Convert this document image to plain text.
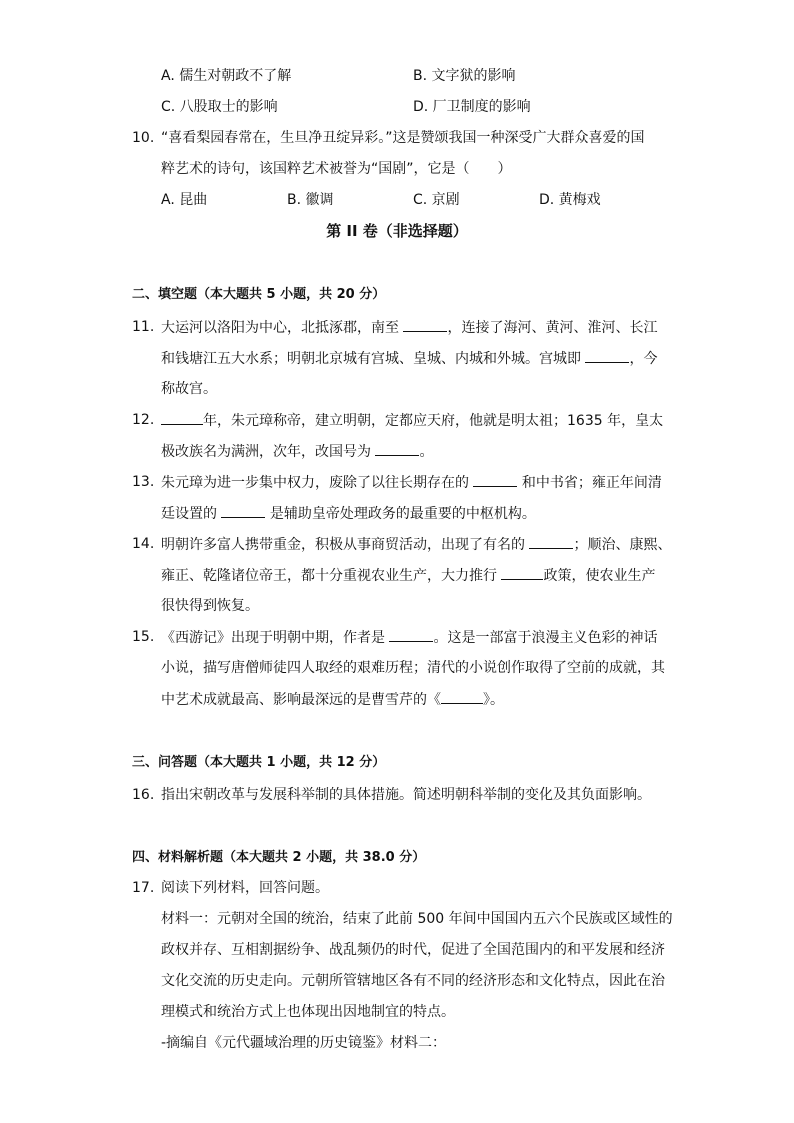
A. 儒生对朝政不了解	B. 文字狱的影响
C. 八股取士的影响	D. 厂卫制度的影响
10. “喜看梨园春常在，生旦净丑绽异彩。”这是赞颂我国一种深受广大群众喜爱的国
粹艺术的诗句，该国粹艺术被誉为“国剧”，它是（　　）
A. 昆曲	B. 徽调	C. 京剧	D. 黄梅戏
第 II 卷（非选择题）
二、填空题（本大题共 5 小题，共 20 分）
11. 大运河以洛阳为中心，北抵涿郡，南至	，连接了海河、黄河、淮河、长江
和钱塘江五大水系；明朝北京城有宫城、皇城、内城和外城。宫城即	，今
称故宫。
12.	年，朱元璋称帝，建立明朝，定都应天府，他就是明太祖；1635 年，皇太
极改族名为满洲，次年，改国号为	。
13. 朱元璋为进一步集中权力，废除了以往长期存在的	和中书省；雍正年间清
廷设置的	是辅助皇帝处理政务的最重要的中枢机构。
14. 明朝许多富人携带重金，积极从事商贸活动，出现了有名的	；顺治、康熙、
雍正、乾隆诸位帝王，都十分重视农业生产，大力推行	政策，使农业生产
很快得到恢复。
15. 《西游记》出现于明朝中期，作者是	。这是一部富于浪漫主义色彩的神话
小说，描写唐僧师徒四人取经的艰难历程；清代的小说创作取得了空前的成就，其
中艺术成就最高、影响最深远的是曹雪芹的《	》。
三、问答题（本大题共 1 小题，共 12 分）
16. 指出宋朝改革与发展科举制的具体措施。简述明朝科举制的变化及其负面影响。
四、材料解析题（本大题共 2 小题，共 38.0 分）
17. 阅读下列材料，回答问题。
材料一：元朝对全国的统治，结束了此前 500 年间中国国内五六个民族或区域性的
政权并存、互相割据纷争、战乱频仍的时代，促进了全国范围内的和平发展和经济
文化交流的历史走向。元朝所管辖地区各有不同的经济形态和文化特点，因此在治
理模式和统治方式上也体现出因地制宜的特点。
-摘编自《元代疆域治理的历史镜鉴》材料二：
